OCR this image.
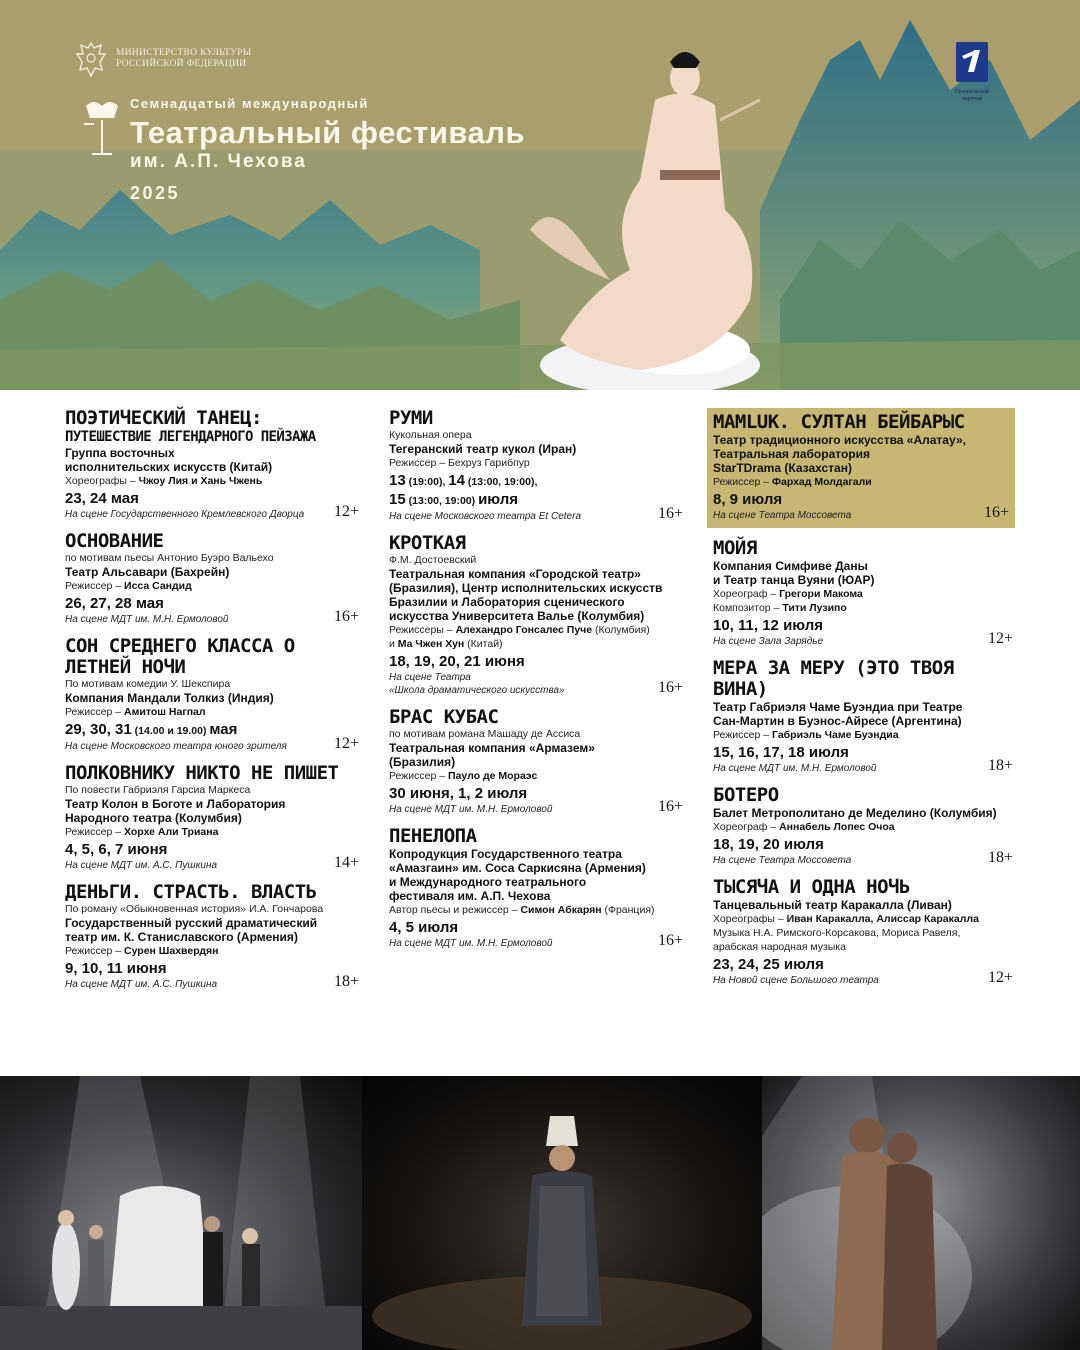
МИНИСТЕРСТВО КУЛЬТУРЫ
РОССИЙСКОЙ ФЕДЕРАЦИИ
Семнадцатый международный
Театральный фестиваль
им. А.П. Чехова
2025
Генеральный
партнер
ПОЭТИЧЕСКИЙ ТАНЕЦ:
ПУТЕШЕСТВИЕ ЛЕГЕНДАРНОГО ПЕЙЗАЖА
Группа восточных
исполнительских искусств (Китай)
Хореографы – Чжоу Лия и Хань Чжень
23, 24 мая
На сцене Государственного Кремлевского Дворца	12+
ОСНОВАНИЕ
по мотивам пьесы Антонио Буэро Вальехо
Театр Альсавари (Бахрейн)
Режиссер – Исса Сандид
26, 27, 28 мая
На сцене МДТ им. М.Н. Ермоловой	16+
СОН СРЕДНЕГО КЛАССА О ЛЕТНЕЙ НОЧИ
По мотивам комедии У. Шекспира
Компания Мандали Толкиз (Индия)
Режиссер – Амитош Нагпал
29, 30, 31 (14.00 и 19.00) мая
На сцене Московского театра юного зрителя	12+
ПОЛКОВНИКУ НИКТО НЕ ПИШЕТ
По повести Габриэля Гарсиа Маркеса
Театр Колон в Боготе и Лаборатория
Народного театра (Колумбия)
Режиссер – Хорхе Али Триана
4, 5, 6, 7 июня
На сцене МДТ им. А.С. Пушкина	14+
ДЕНЬГИ. СТРАСТЬ. ВЛАСТЬ
По роману «Обыкновенная история» И.А. Гончарова
Государственный русский драматический
театр им. К. Станиславского (Армения)
Режиссер – Сурен Шахвердян
9, 10, 11 июня
На сцене МДТ им. А.С. Пушкина	18+
РУМИ
Кукольная опера
Тегеранский театр кукол (Иран)
Режиссер – Бехруз Гарибпур
13 (19:00), 14 (13:00, 19:00),
15 (13:00, 19:00) июля
На сцене Московского театра Et Cetera	16+
КРОТКАЯ
Ф.М. Достоевский
Театральная компания «Городской театр»
(Бразилия), Центр исполнительских искусств
Бразилии и Лаборатория сценического
искусства Университета Валье (Колумбия)
Режиссеры – Алехандро Гонсалес Пуче (Колумбия)
и Ма Чжен Хун (Китай)
18, 19, 20, 21 июня
На сцене Театра
«Школа драматического искусства»	16+
БРАС КУБАС
по мотивам романа Машаду де Ассиса
Театральная компания «Армазем»
(Бразилия)
Режиссер – Пауло де Мораэс
30 июня, 1, 2 июля
На сцене МДТ им. М.Н. Ермоловой	16+
ПЕНЕЛОПА
Копродукция Государственного театра
«Амазгаин» им. Соса Саркисяна (Армения)
и Международного театрального
фестиваля им. А.П. Чехова
Автор пьесы и режиссер – Симон Абкарян (Франция)
4, 5 июля
На сцене МДТ им. М.Н. Ермоловой	16+
MAMLUK. СУЛТАН БЕЙБАРЫС
Театр традиционного искусства «Алатау»,
Театральная лаборатория
StarTDrama (Казахстан)
Режиссер – Фархад Молдагали
8, 9 июля
На сцене Театра Моссовета	16+
МОЙЯ
Компания Симфиве Даны
и Театр танца Вуяни (ЮАР)
Хореограф – Грегори Макома
Композитор – Тити Лузипо
10, 11, 12 июля
На сцене Зала Зарядье	12+
МЕРА ЗА МЕРУ (ЭТО ТВОЯ ВИНА)
Театр Габриэля Чаме Буэндиа при Театре
Сан-Мартин в Буэнос-Айресе (Аргентина)
Режиссер – Габриэль Чаме Буэндиа
15, 16, 17, 18 июля
На сцене МДТ им. М.Н. Ермоловой	18+
БОТЕРО
Балет Метрополитано де Меделино (Колумбия)
Хореограф – Аннабель Лопес Очоа
18, 19, 20 июля
На сцене Театра Моссовета	18+
ТЫСЯЧА И ОДНА НОЧЬ
Танцевальный театр Каракалла (Ливан)
Хореографы – Иван Каракалла, Алиссар Каракалла
Музыка Н.А. Римского-Корсакова, Мориса Равеля,
арабская народная музыка
23, 24, 25 июля
На Новой сцене Большого театра	12+
